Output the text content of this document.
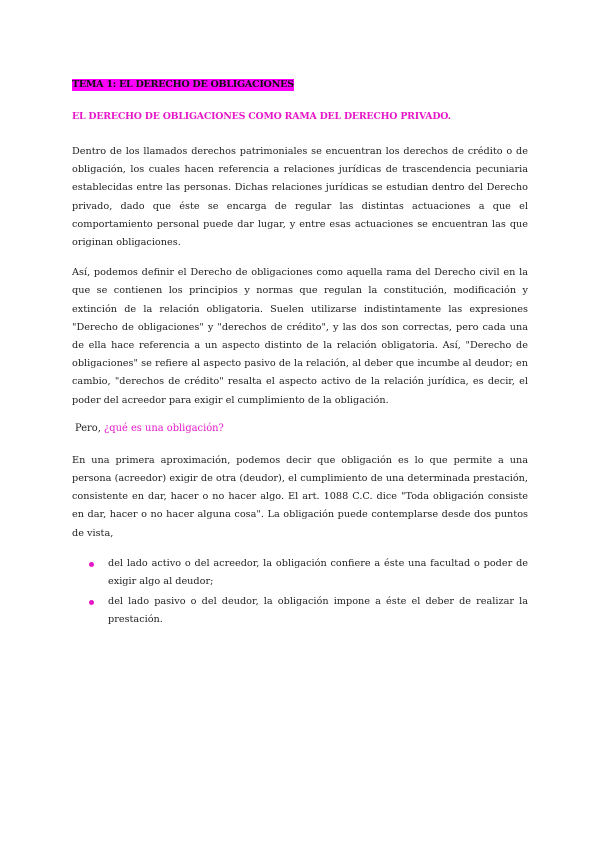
TEMA 1: EL DERECHO DE OBLIGACIONES
EL DERECHO DE OBLIGACIONES COMO RAMA DEL DERECHO PRIVADO.

Dentro de los llamados derechos patrimoniales se encuentran los derechos de crédito o de obligación, los cuales hacen referencia a relaciones jurídicas de trascendencia pecuniaria establecidas entre las personas. Dichas relaciones jurídicas se estudian dentro del Derecho privado, dado que éste se encarga de regular las distintas actuaciones a que el comportamiento personal puede dar lugar, y entre esas actuaciones se encuentran las que originan obligaciones.

Así, podemos definir el Derecho de obligaciones como aquella rama del Derecho civil en la que se contienen los principios y normas que regulan la constitución, modificación y extinción de la relación obligatoria. Suelen utilizarse indistintamente las expresiones "Derecho de obligaciones" y "derechos de crédito", y las dos son correctas, pero cada una de ella hace referencia a un aspecto distinto de la relación obligatoria. Así, "Derecho de obligaciones" se refiere al aspecto pasivo de la relación, al deber que incumbe al deudor; en cambio, "derechos de crédito" resalta el aspecto activo de la relación jurídica, es decir, el poder del acreedor para exigir el cumplimiento de la obligación.

Pero, ¿qué es una obligación?

En una primera aproximación, podemos decir que obligación es lo que permite a una persona (acreedor) exigir de otra (deudor), el cumplimiento de una determinada prestación, consistente en dar, hacer o no hacer algo. El art. 1088 C.C. dice "Toda obligación consiste en dar, hacer o no hacer alguna cosa". La obligación puede contemplarse desde dos puntos de vista,

del lado activo o del acreedor, la obligación confiere a éste una facultad o poder de exigir algo al deudor;
del lado pasivo o del deudor, la obligación impone a éste el deber de realizar la prestación.
